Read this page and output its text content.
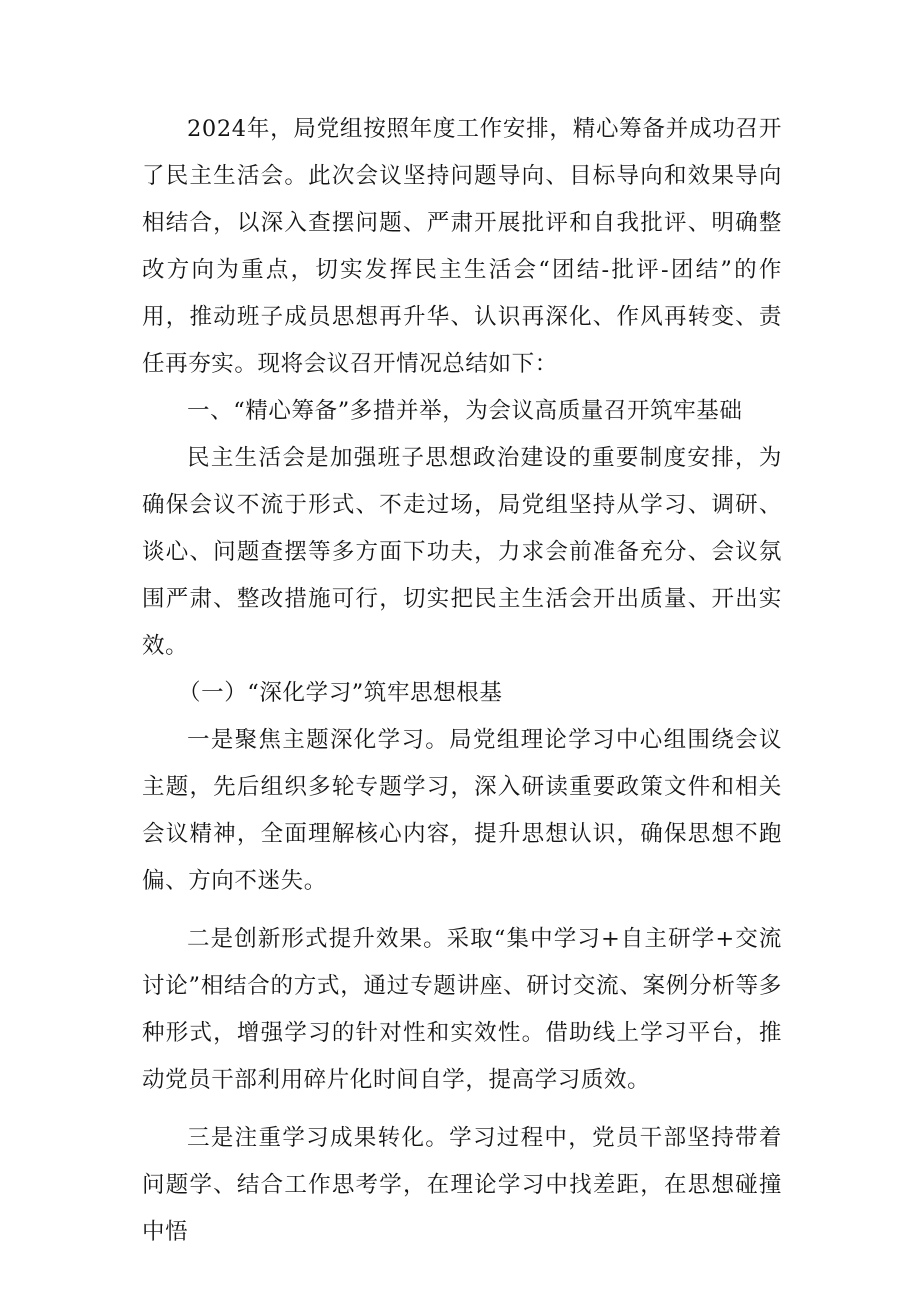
2024年，局党组按照年度工作安排，精心筹备并成功召开了民主生活会。此次会议坚持问题导向、目标导向和效果导向相结合，以深入查摆问题、严肃开展批评和自我批评、明确整改方向为重点，切实发挥民主生活会“团结-批评-团结”的作用，推动班子成员思想再升华、认识再深化、作风再转变、责任再夯实。现将会议召开情况总结如下：

一、“精心筹备”多措并举，为会议高质量召开筑牢基础

民主生活会是加强班子思想政治建设的重要制度安排，为确保会议不流于形式、不走过场，局党组坚持从学习、调研、谈心、问题查摆等多方面下功夫，力求会前准备充分、会议氛围严肃、整改措施可行，切实把民主生活会开出质量、开出实效。

（一）“深化学习”筑牢思想根基

一是聚焦主题深化学习。局党组理论学习中心组围绕会议主题，先后组织多轮专题学习，深入研读重要政策文件和相关会议精神，全面理解核心内容，提升思想认识，确保思想不跑偏、方向不迷失。

二是创新形式提升效果。采取“集中学习+自主研学+交流讨论”相结合的方式，通过专题讲座、研讨交流、案例分析等多种形式，增强学习的针对性和实效性。借助线上学习平台，推动党员干部利用碎片化时间自学，提高学习质效。

三是注重学习成果转化。学习过程中，党员干部坚持带着问题学、结合工作思考学，在理论学习中找差距，在思想碰撞中悟
